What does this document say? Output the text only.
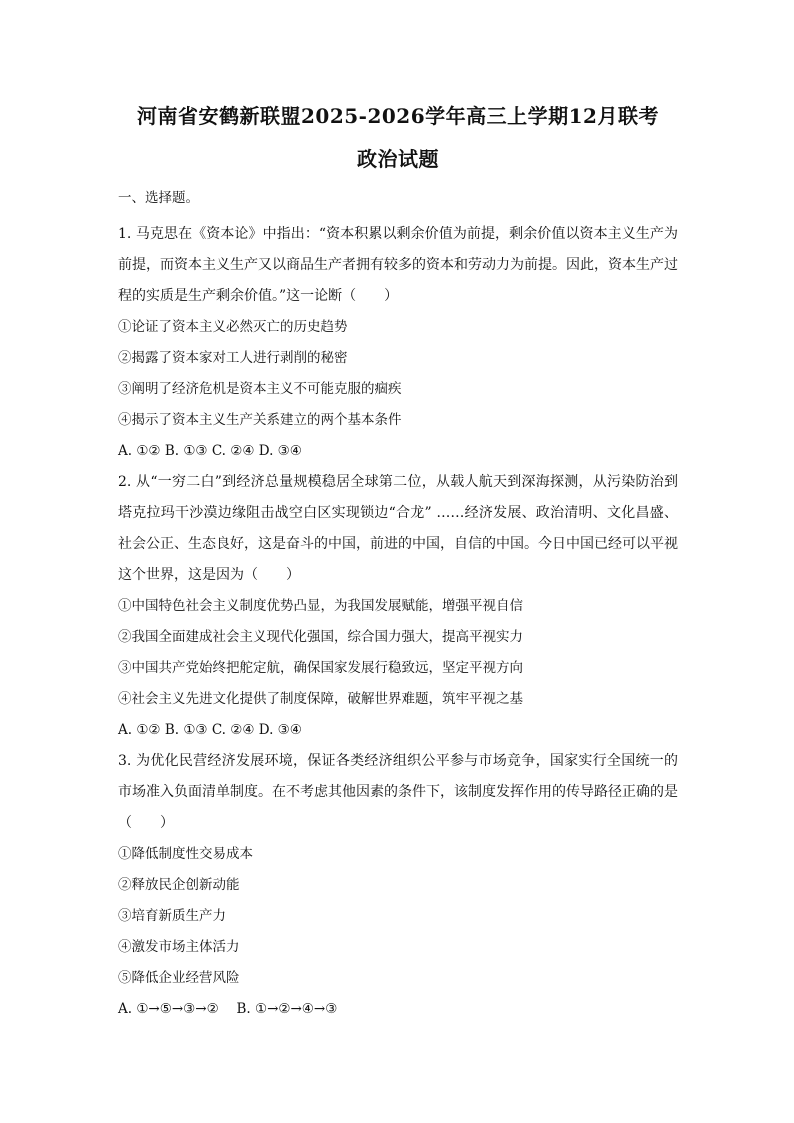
河南省安鹤新联盟2025-2026学年高三上学期12月联考
政治试题

一、选择题。

1. 马克思在《资本论》中指出：“资本积累以剩余价值为前提，剩余价值以资本主义生产为前提，而资本主义生产又以商品生产者拥有较多的资本和劳动力为前提。因此，资本生产过程的实质是生产剩余价值。”这一论断（　　）

①论证了资本主义必然灭亡的历史趋势

②揭露了资本家对工人进行剥削的秘密

③阐明了经济危机是资本主义不可能克服的痼疾

④揭示了资本主义生产关系建立的两个基本条件

A. ①② B. ①③ C. ②④ D. ③④

2. 从“一穷二白”到经济总量规模稳居全球第二位，从载人航天到深海探测，从污染防治到塔克拉玛干沙漠边缘阻击战空白区实现锁边“合龙” ……经济发展、政治清明、文化昌盛、社会公正、生态良好，这是奋斗的中国，前进的中国，自信的中国。今日中国已经可以平视这个世界，这是因为（　　）

①中国特色社会主义制度优势凸显，为我国发展赋能，增强平视自信

②我国全面建成社会主义现代化强国，综合国力强大，提高平视实力

③中国共产党始终把舵定航，确保国家发展行稳致远，坚定平视方向

④社会主义先进文化提供了制度保障，破解世界难题，筑牢平视之基

A. ①② B. ①③ C. ②④ D. ③④

3. 为优化民营经济发展环境，保证各类经济组织公平参与市场竞争，国家实行全国统一的市场准入负面清单制度。在不考虑其他因素的条件下，该制度发挥作用的传导路径正确的是（　　）

①降低制度性交易成本

②释放民企创新动能

③培育新质生产力

④激发市场主体活力

⑤降低企业经营风险

A. ①→⑤→③→②　 B. ①→②→④→③
